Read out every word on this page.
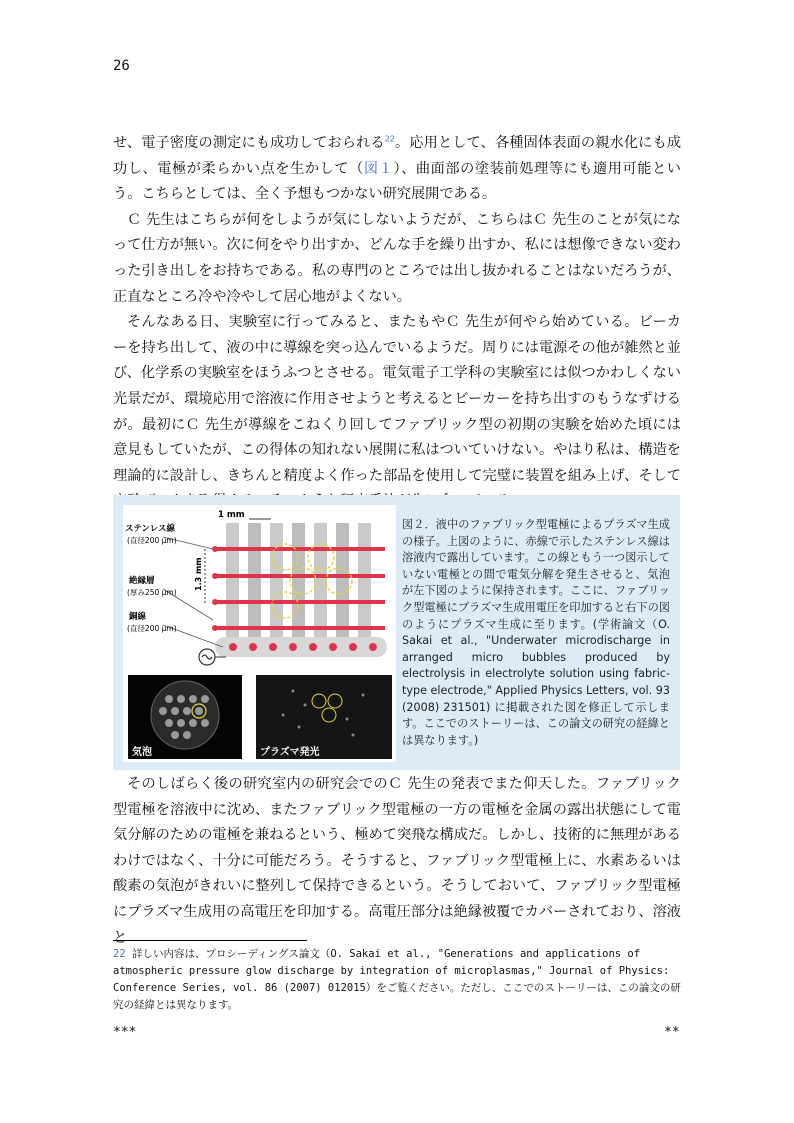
26

せ、電子密度の測定にも成功しておられる$^{22}$。応用として、各種固体表面の親水化にも成功し、電極が柔らかい点を生かして（図１）、曲面部の塗装前処理等にも適用可能という。こちらとしては、全く予想もつかない研究展開である。

Ｃ 先生はこちらが何をしようが気にしないようだが、こちらはＣ 先生のことが気になって仕方が無い。次に何をやり出すか、どんな手を繰り出すか、私には想像できない変わった引き出しをお持ちである。私の専門のところでは出し抜かれることはないだろうが、正直なところ冷や冷やして居心地がよくない。

そんなある日、実験室に行ってみると、またもやＣ 先生が何やら始めている。ビーカーを持ち出して、液の中に導線を突っ込んでいるようだ。周りには電源その他が雑然と並び、化学系の実験室をほうふつとさせる。電気電子工学科の実験室には似つかわしくない光景だが、環境応用で溶液に作用させようと考えるとビーカーを持ち出すのもうなずけるが。最初にＣ 先生が導線をこねくり回してファブリック型の初期の実験を始めた頃には意見もしていたが、この得体の知れない展開に私はついていけない。やはり私は、構造を理論的に設計し、きちんと精度よく作った部品を使用して完璧に装置を組み上げ、そして

1 mm
1.3 mm
ステンレス線
(直径200 μm)
絶縁層
(厚み250 μm)
銅線
(直径200 μm)
気泡	プラズマ発光
図２．液中のファブリック型電極によるプラズマ生成の様子。上図のように、赤線で示したステンレス線は溶液内で露出しています。この線ともう一つ図示していない電極との間で電気分解を発生させると、気泡が左下図のように保持されます。ここに、ファブリック型電極にプラズマ生成用電圧を印加すると右下の図のようにプラズマ生成に至ります。(学術論文（O. Sakai et al., "Underwater microdischarge in arranged micro bubbles produced by electrolysis in electrolyte solution using fabric-type electrode," Applied Physics Letters, vol. 93 (2008) 231501) に掲載された図を修正して示します。ここでのストーリーは、この論文の研究の経緯とは異なります。)

そのしばらく後の研究室内の研究会でのＣ 先生の発表でまた仰天した。ファブリック型電極を溶液中に沈め、またファブリック型電極の一方の電極を金属の露出状態にして電気分解のための電極を兼ねるという、極めて突飛な構成だ。しかし、技術的に無理があるわけではなく、十分に可能だろう。そうすると、ファブリック型電極上に、水素あるいは酸素の気泡がきれいに整列して保持できるという。そうしておいて、ファブリック型電極にプラズマ生成用の高電圧を印加する。高電圧部分は絶縁被覆でカバーされており、溶液と

22 詳しい内容は、プロシーディングス論文（O. Sakai et al., "Generations and applications of atmospheric pressure glow discharge by integration of microplasmas," Journal of Physics: Conference Series, vol. 86 (2007) 012015）をご覧ください。ただし、ここでのストーリーは、この論文の研究の経緯とは異なります。
***	**
